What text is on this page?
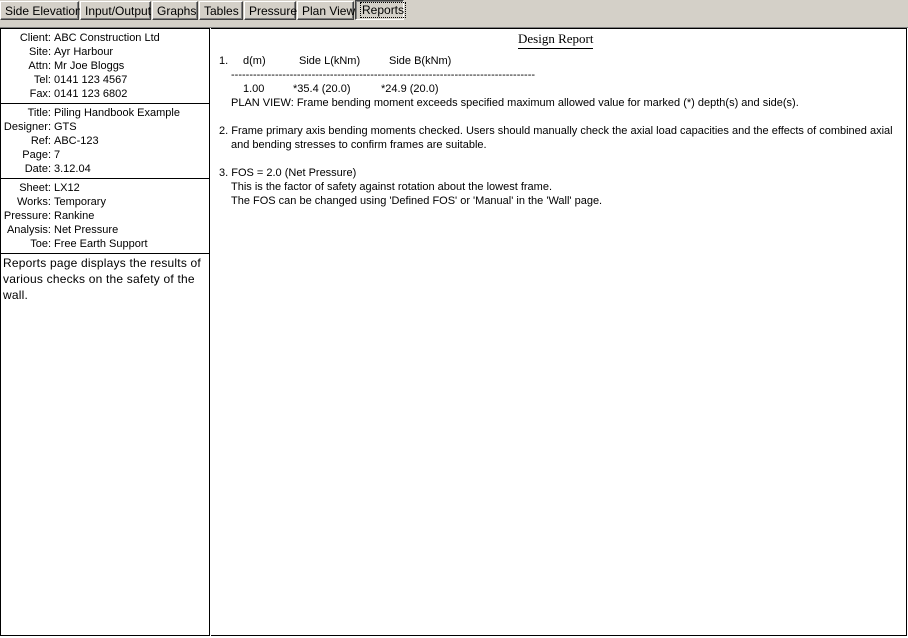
Side Elevation Input/Output Graphs Tables Pressure Plan View Reports
Client: ABC Construction Ltd
Site: Ayr Harbour
Attn: Mr Joe Bloggs
Tel: 0141 123 4567
Fax: 0141 123 6802
Title: Piling Handbook Example
Designer: GTS
Ref: ABC-123
Page: 7
Date: 3.12.04
Sheet: LX12
Works: Temporary
Pressure: Rankine
Analysis: Net Pressure
Toe: Free Earth Support
Reports page displays the results of various checks on the safety of the wall.
Design Report
1. d(m)	Side L(kNm)	Side B(kNm)
-----------------------------------------------------------------------------------
1.00	*35.4 (20.0)	*24.9 (20.0)
PLAN VIEW: Frame bending moment exceeds specified maximum allowed value for marked (*) depth(s) and side(s).
2. Frame primary axis bending moments checked. Users should manually check the axial load capacities and the effects of combined axial
and bending stresses to confirm frames are suitable.
3. FOS = 2.0 (Net Pressure)
This is the factor of safety against rotation about the lowest frame.
The FOS can be changed using 'Defined FOS' or 'Manual' in the 'Wall' page.
